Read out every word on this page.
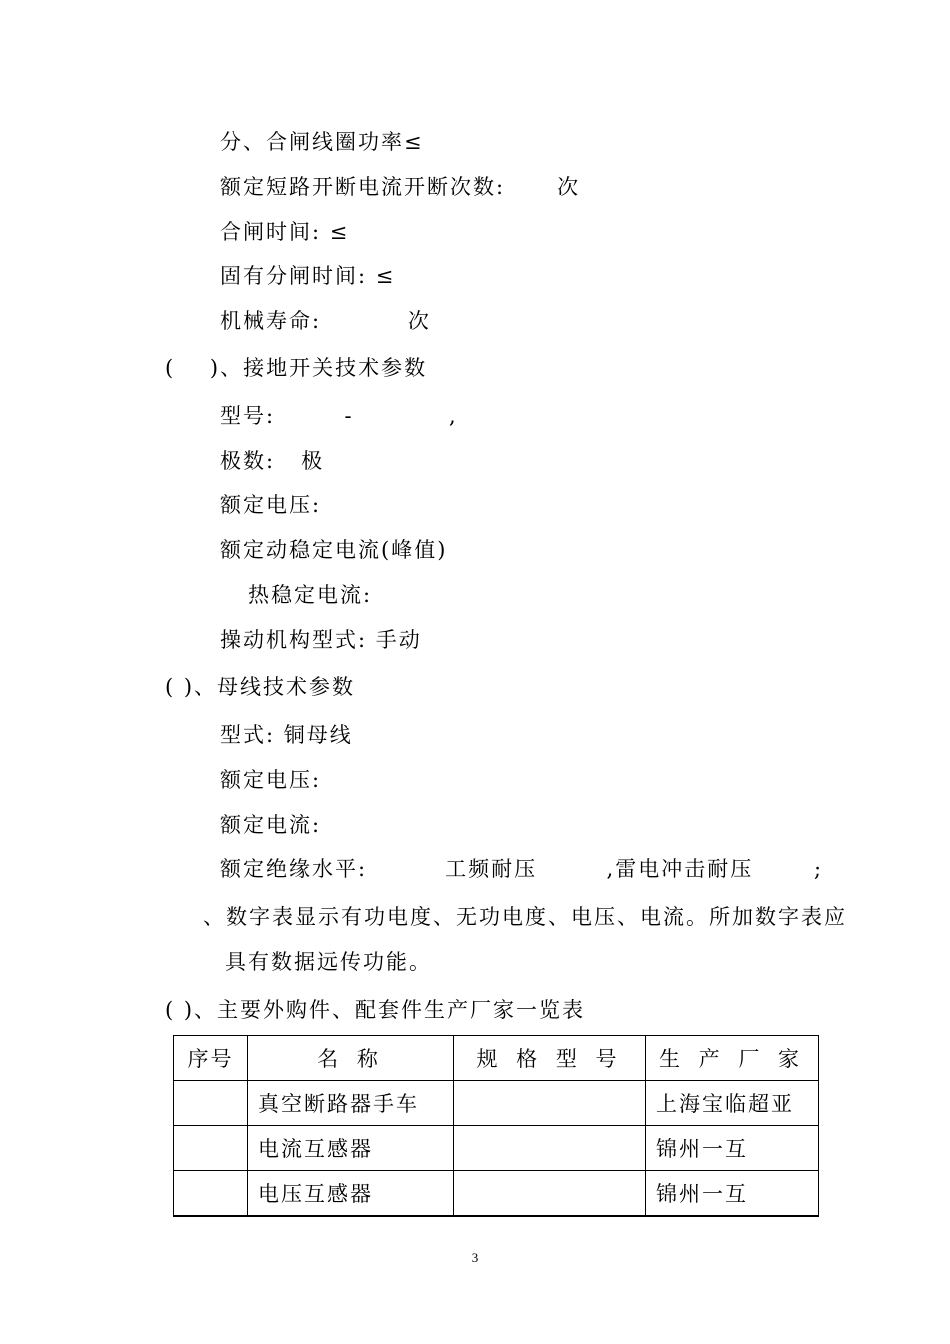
分、合闸线圈功率≤
额定短路开断电流开断次数:      次
合闸时间: ≤
固有分闸时间: ≤
机械寿命:          次
(    )、接地开关技术参数
型号:        -           ,
极数:   极
额定电压:
额定动稳定电流(峰值)
热稳定电流:
操动机构型式: 手动
( )、母线技术参数
型式: 铜母线
额定电压:
额定电流:
额定绝缘水平:         工频耐压        ,雷电冲击耐压       ;
、数字表显示有功电度、无功电度、电压、电流。所加数字表应
具有数据远传功能。
( )、主要外购件、配套件生产厂家一览表
序号	名 称	规 格 型 号	生 产 厂 家
	真空断路器手车		上海宝临超亚
	电流互感器		锦州一互
	电压互感器		锦州一互
3
